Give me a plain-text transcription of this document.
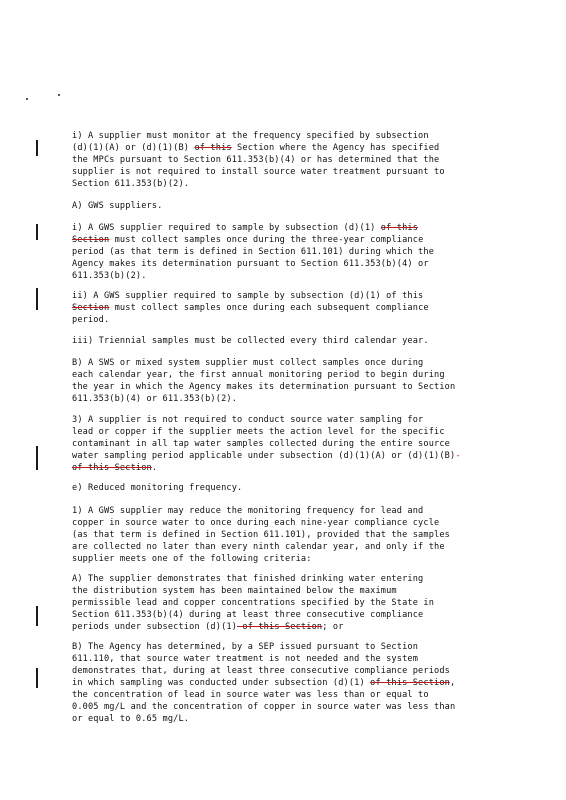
i) A supplier must monitor at the frequency specified by subsection
(d)(1)(A) or (d)(1)(B) of this Section where the Agency has specified
the MPCs pursuant to Section 611.353(b)(4) or has determined that the
supplier is not required to install source water treatment pursuant to
Section 611.353(b)(2).
A) GWS suppliers.
i) A GWS supplier required to sample by subsection (d)(1) of this
Section must collect samples once during the three-year compliance
period (as that term is defined in Section 611.101) during which the
Agency makes its determination pursuant to Section 611.353(b)(4) or
611.353(b)(2).
ii) A GWS supplier required to sample by subsection (d)(1) of this
Section must collect samples once during each subsequent compliance
period.
iii) Triennial samples must be collected every third calendar year.
B) A SWS or mixed system supplier must collect samples once during
each calendar year, the first annual monitoring period to begin during
the year in which the Agency makes its determination pursuant to Section
611.353(b)(4) or 611.353(b)(2).
3) A supplier is not required to conduct source water sampling for
lead or copper if the supplier meets the action level for the specific
contaminant in all tap water samples collected during the entire source
water sampling period applicable under subsection (d)(1)(A) or (d)(1)(B)-
of this Section.
e) Reduced monitoring frequency.
1) A GWS supplier may reduce the monitoring frequency for lead and
copper in source water to once during each nine-year compliance cycle
(as that term is defined in Section 611.101), provided that the samples
are collected no later than every ninth calendar year, and only if the
supplier meets one of the following criteria:
A) The supplier demonstrates that finished drinking water entering
the distribution system has been maintained below the maximum
permissible lead and copper concentrations specified by the State in
Section 611.353(b)(4) during at least three consecutive compliance
periods under subsection (d)(1) of this Section; or
B) The Agency has determined, by a SEP issued pursuant to Section
611.110, that source water treatment is not needed and the system
demonstrates that, during at least three consecutive compliance periods
in which sampling was conducted under subsection (d)(1) of this Section,
the concentration of lead in source water was less than or equal to
0.005 mg/L and the concentration of copper in source water was less than
or equal to 0.65 mg/L.
